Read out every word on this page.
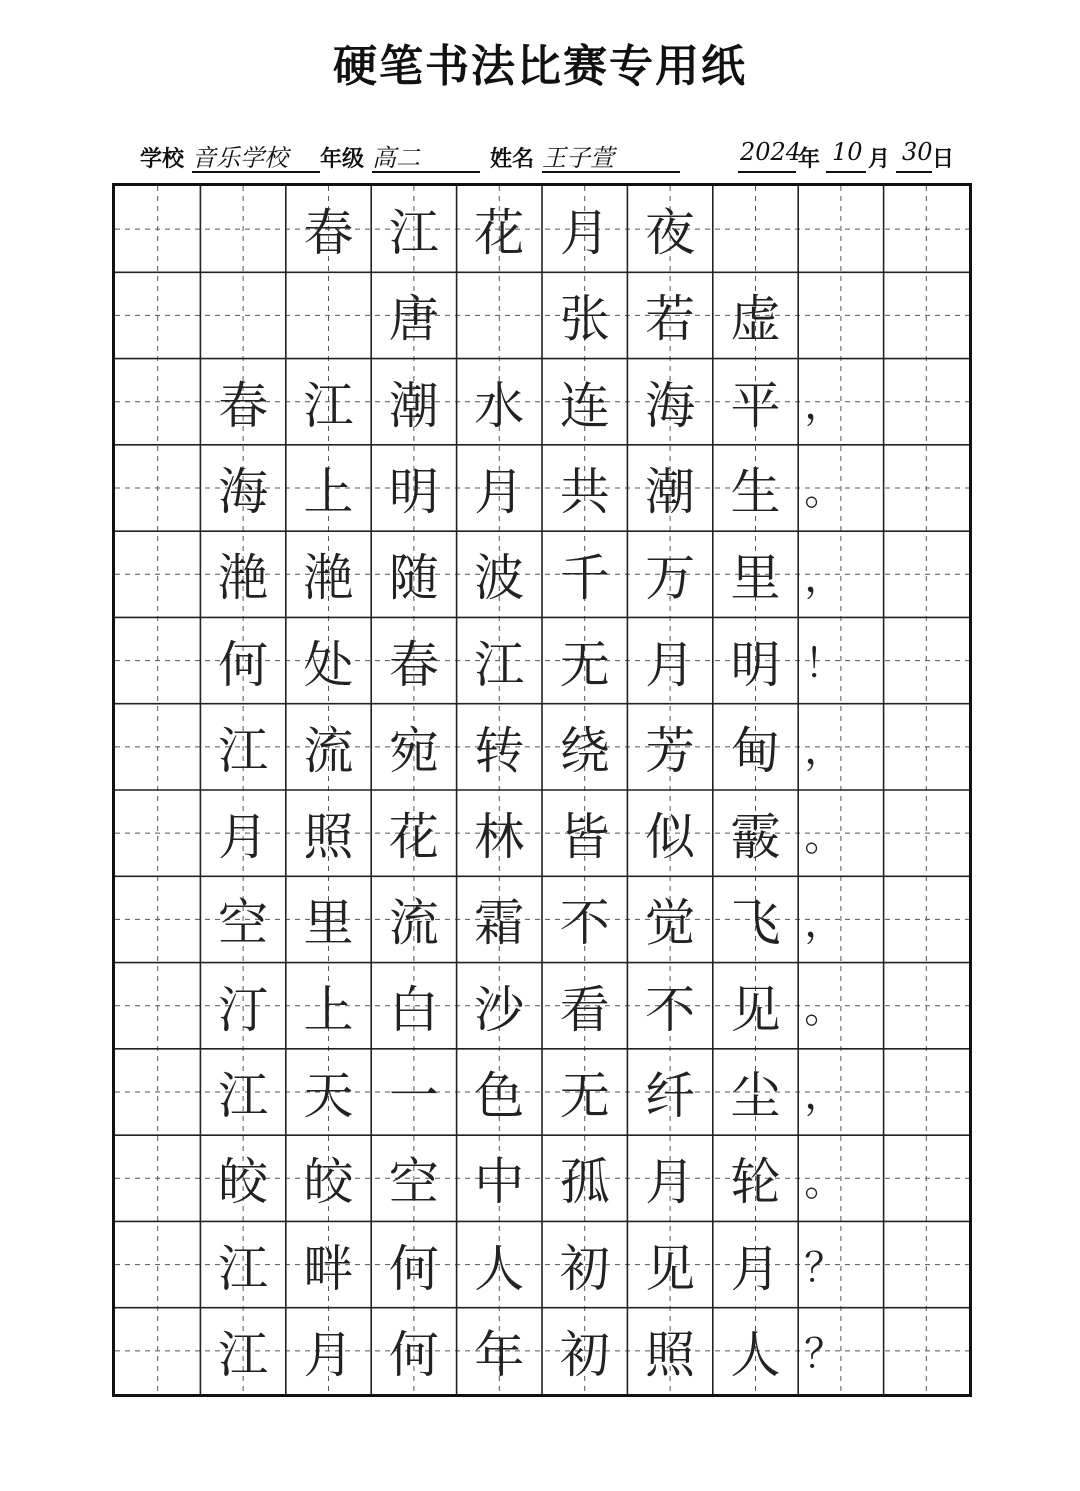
硬笔书法比赛专用纸
学校 音乐学校 年级 高二	姓名 王子萱	2024
年 10 月 30 日
春 江 花 月 夜
唐	张 若 虚
春 江 潮 水 连 海 平 ，
海 上 明 月 共 潮 生 。
滟 滟 随 波 千 万 里 ，
何 处 春 江 无 月 明 ！
江 流 宛 转 绕 芳 甸 ，
月 照 花 林 皆 似 霰 。
空 里 流 霜 不 觉 飞 ，
汀 上 白 沙 看 不 见 。
江 天 一 色 无 纤 尘 ，
皎 皎 空 中 孤 月 轮 。
江 畔 何 人 初 见 月 ？
江 月 何 年 初 照 人 ？
